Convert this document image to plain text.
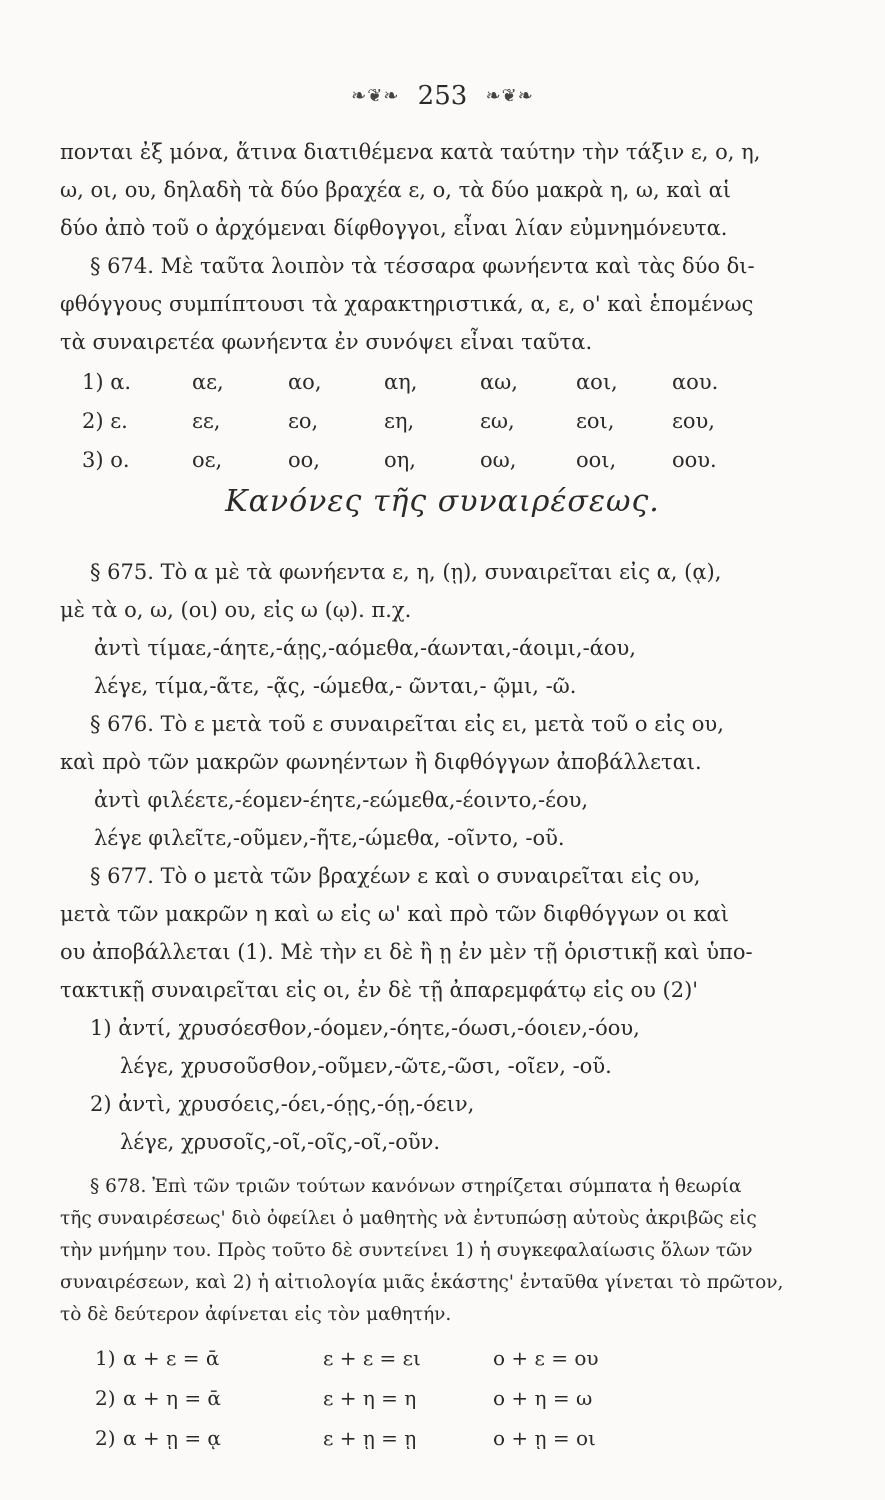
❧❦❧ 253 ❧❦❧
πονται ἐξ μόνα, ἅτινα διατιθέμενα κατὰ ταύτην τὴν τάξιν ε, ο, η,
ω, οι, ου, δηλαδὴ τὰ δύο βραχέα ε, ο, τὰ δύο μακρὰ η, ω, καὶ αἱ
δύο ἀπὸ τοῦ ο ἀρχόμεναι δίφθογγοι, εἶναι λίαν εὐμνημόνευτα.
§ 674. Μὲ ταῦτα λοιπὸν τὰ τέσσαρα φωνήεντα καὶ τὰς δύο δι-
φθόγγους συμπίπτουσι τὰ χαρακτηριστικά, α, ε, ο' καὶ ἑπομένως
τὰ συναιρετέα φωνήεντα ἐν συνόψει εἶναι ταῦτα.
1) α.	αε,	αο,	αη,	αω,	αοι,	αου.
2) ε.	εε,	εο,	εη,	εω,	εοι,	εου,
3) ο.	οε,	οο,	οη,	οω,	οοι,	οου.
Κανόνες τῆς συναιρέσεως.
§ 675. Τὸ α μὲ τὰ φωνήεντα ε, η, (ῃ), συναιρεῖται εἰς α, (ᾳ),
μὲ τὰ ο, ω, (οι) ου, εἰς ω (ῳ). π.χ.
ἀντὶ τίμαε,-άητε,-άῃς,-αόμεθα,-άωνται,-άοιμι,-άου,
λέγε, τίμα,-ᾶτε, -ᾷς, -ώμεθα,- ῶνται,- ῷμι, -ῶ.
§ 676. Τὸ ε μετὰ τοῦ ε συναιρεῖται εἰς ει, μετὰ τοῦ ο εἰς ου,
καὶ πρὸ τῶν μακρῶν φωνηέντων ἢ διφθόγγων ἀποβάλλεται.
ἀντὶ φιλέετε,-έομεν-έητε,-εώμεθα,-έοιντο,-έου,
λέγε φιλεῖτε,-οῦμεν,-ῆτε,-ώμεθα, -οῖντο, -οῦ.
§ 677. Τὸ ο μετὰ τῶν βραχέων ε καὶ ο συναιρεῖται εἰς ου,
μετὰ τῶν μακρῶν η καὶ ω εἰς ω' καὶ πρὸ τῶν διφθόγγων οι καὶ
ου ἀποβάλλεται (1). Μὲ τὴν ει δὲ ἢ ῃ ἐν μὲν τῇ ὁριστικῇ καὶ ὑπο-
τακτικῇ συναιρεῖται εἰς οι, ἐν δὲ τῇ ἀπαρεμφάτῳ εἰς ου (2)'
1) ἀντί, χρυσόεσθον,-όομεν,-όητε,-όωσι,-όοιεν,-όου,
λέγε, χρυσοῦσθον,-οῦμεν,-ῶτε,-ῶσι, -οῖεν, -οῦ.
2) ἀντὶ, χρυσόεις,-όει,-όῃς,-όῃ,-όειν,
λέγε, χρυσοῖς,-οῖ,-οῖς,-οῖ,-οῦν.
§ 678. Ἐπὶ τῶν τριῶν τούτων κανόνων στηρίζεται σύμπατα ἡ θεωρία
τῆς συναιρέσεως' διὸ ὀφείλει ὁ μαθητὴς νὰ ἐντυπώσῃ αὐτοὺς ἀκριβῶς εἰς
τὴν μνήμην του. Πρὸς τοῦτο δὲ συντείνει 1) ἡ συγκεφαλαίωσις ὅλων τῶν
συναιρέσεων, καὶ 2) ἡ αἰτιολογία μιᾶς ἑκάστης' ἐνταῦθα γίνεται τὸ πρῶτον,
τὸ δὲ δεύτερον ἀφίνεται εἰς τὸν μαθητήν.
1) α + ε = ᾱ	ε + ε = ει	ο + ε = ου
2) α + η = ᾱ	ε + η = η	ο + η = ω
2) α + ῃ = ᾳ	ε + ῃ = ῃ	ο + ῃ = οι
